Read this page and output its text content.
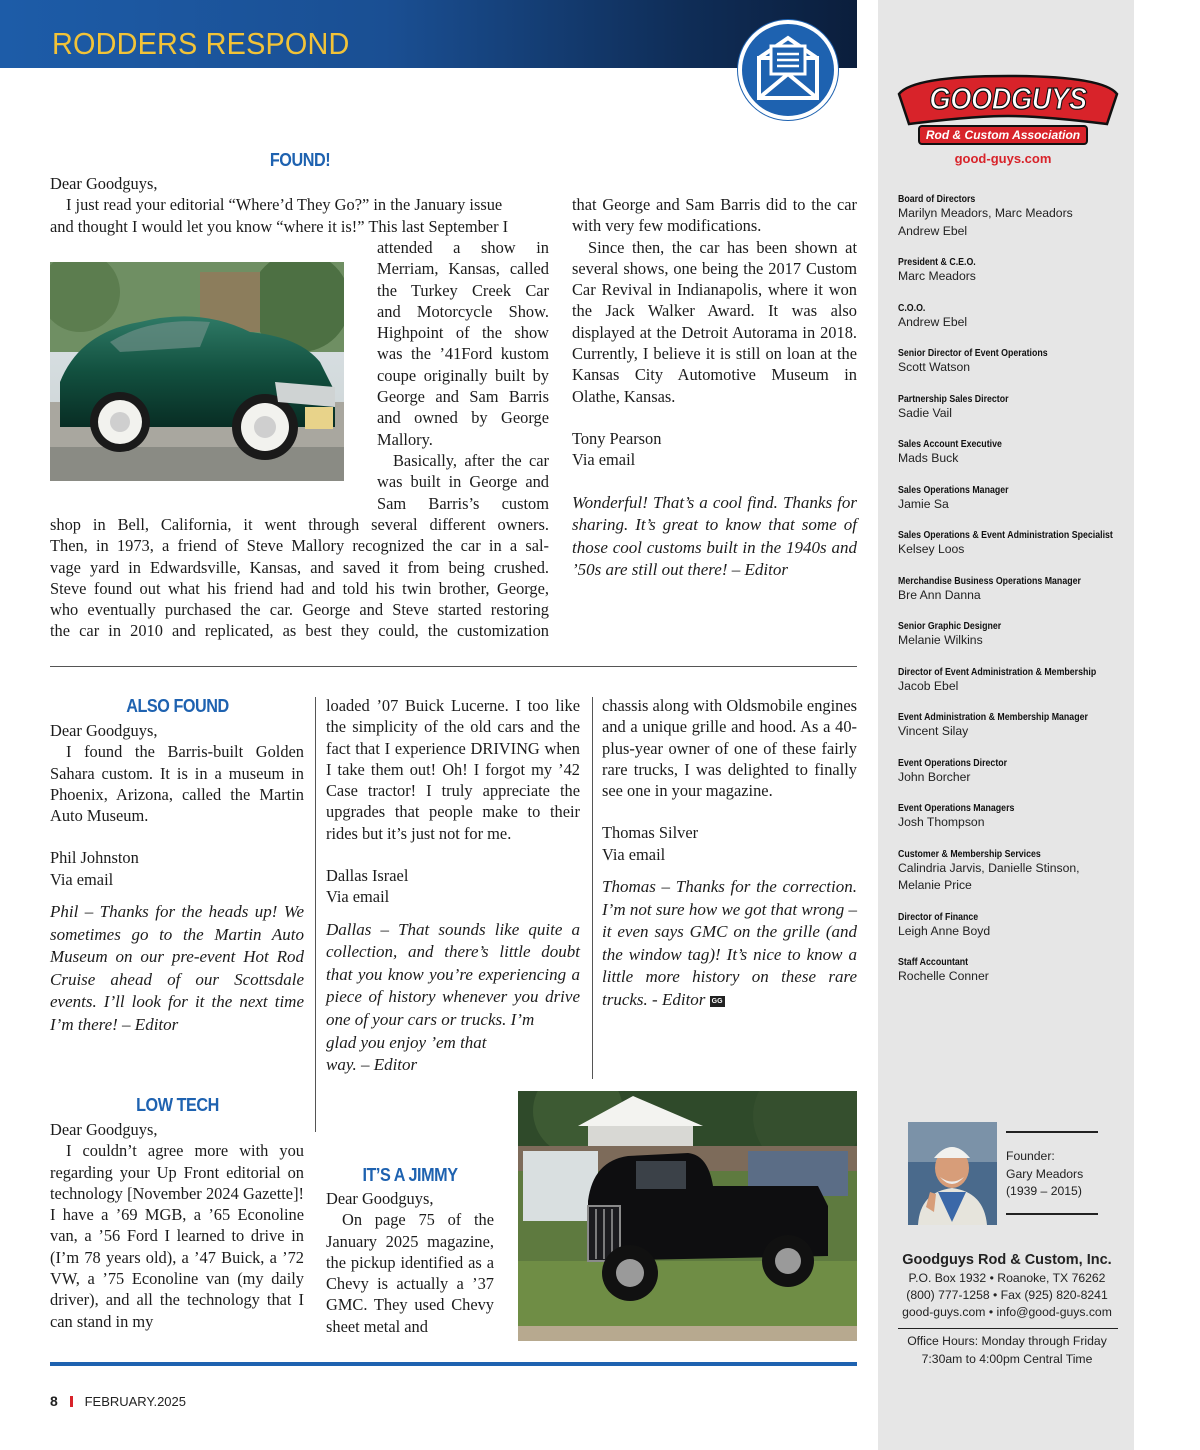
RODDERS RESPOND
FOUND!

Dear Goodguys,

I just read your editorial “Where’d They Go?” in the January issue

and thought I would let you know “where it is!” This last September I

attended a show in
Merriam, Kansas, called
the Turkey Creek Car
and Motorcycle Show.
Highpoint of the show
was the ’41Ford kustom
coupe originally built by
George and Sam Barris
and owned by George
Mallory.
Basically, after the car
was built in George and
Sam Barris’s custom
shop in Bell, California, it went through several different owners.
Then, in 1973, a friend of Steve Mallory recognized the car in a sal-
vage yard in Edwardsville, Kansas, and saved it from being crushed.
Steve found out what his friend had and told his twin brother, George,
who eventually purchased the car. George and Steve started restoring
the car in 2010 and replicated, as best they could, the customization

that George and Sam Barris did to the car with very few modifications.

Since then, the car has been shown at several shows, one being the 2017 Custom Car Revival in Indianapolis, where it won the Jack Walker Award. It was also displayed at the Detroit Autorama in 2018. Currently, I believe it is still on loan at the Kansas City Automotive Museum in Olathe, Kansas.

Tony Pearson

Via email

Wonderful! That’s a cool find. Thanks for sharing. It’s great to know that some of those cool customs built in the 1940s and ’50s are still out there! – Editor

ALSO FOUND

Dear Goodguys,

I found the Barris-built Golden Sahara custom. It is in a museum in Phoenix, Arizona, called the Martin Auto Museum.

Phil Johnston

Via email

Phil – Thanks for the heads up! We sometimes go to the Martin Auto Museum on our pre-event Hot Rod Cruise ahead of our Scottsdale events. I’ll look for it the next time I’m there! – Editor

LOW TECH

Dear Goodguys,

I couldn’t agree more with you regarding your Up Front editorial on technology [November 2024 Gazette]! I have a ’69 MGB, a ’65 Econoline van, a ’56 Ford I learned to drive in (I’m 78 years old), a ’47 Buick, a ’72 VW, a ’75 Econoline van (my daily driver), and all the technology that I can stand in my

loaded ’07 Buick Lucerne. I too like the simplicity of the old cars and the fact that I experience DRIVING when I take them out! Oh! I forgot my ’42 Case tractor! I truly appreciate the upgrades that people make to their rides but it’s just not for me.

Dallas Israel

Via email

Dallas – That sounds like quite a collection, and there’s little doubt that you know you’re experiencing a piece of history whenever you drive one of your cars or trucks. I’m

glad you enjoy ’em that

way. – Editor

IT’S A JIMMY

Dear Goodguys,

On page 75 of the January 2025 magazine, the pickup identified as a Chevy is actually a ’37 GMC. They used Chevy sheet metal and

chassis along with Oldsmobile engines and a unique grille and hood. As a 40-plus-year owner of one of these fairly rare trucks, I was delighted to finally see one in your magazine.

Thomas Silver

Via email

Thomas – Thanks for the correction. I’m not sure how we got that wrong – it even says GMC on the grille (and the window tag)! It’s nice to know a little more history on these rare trucks. - Editor GG

GOODGUYS
Rod & Custom Association
good-guys.com
Board of Directors
Marilyn Meadors, Marc Meadors
Andrew Ebel
President & C.E.O.
Marc Meadors
C.O.O.
Andrew Ebel
Senior Director of Event Operations
Scott Watson
Partnership Sales Director
Sadie Vail
Sales Account Executive
Mads Buck
Sales Operations Manager
Jamie Sa
Sales Operations & Event Administration Specialist
Kelsey Loos
Merchandise Business Operations Manager
Bre Ann Danna
Senior Graphic Designer
Melanie Wilkins
Director of Event Administration & Membership
Jacob Ebel
Event Administration & Membership Manager
Vincent Silay
Event Operations Director
John Borcher
Event Operations Managers
Josh Thompson
Customer & Membership Services
Calindria Jarvis, Danielle Stinson,
Melanie Price
Director of Finance
Leigh Anne Boyd
Staff Accountant
Rochelle Conner

Founder:

Gary Meadors

(1939 – 2015)

Goodguys Rod & Custom, Inc.

P.O. Box 1932 • Roanoke, TX 76262

(800) 777-1258 • Fax (925) 820-8241

good-guys.com • info@good-guys.com

Office Hours: Monday through Friday

7:30am to 4:00pm Central Time

8 FEBRUARY.2025
